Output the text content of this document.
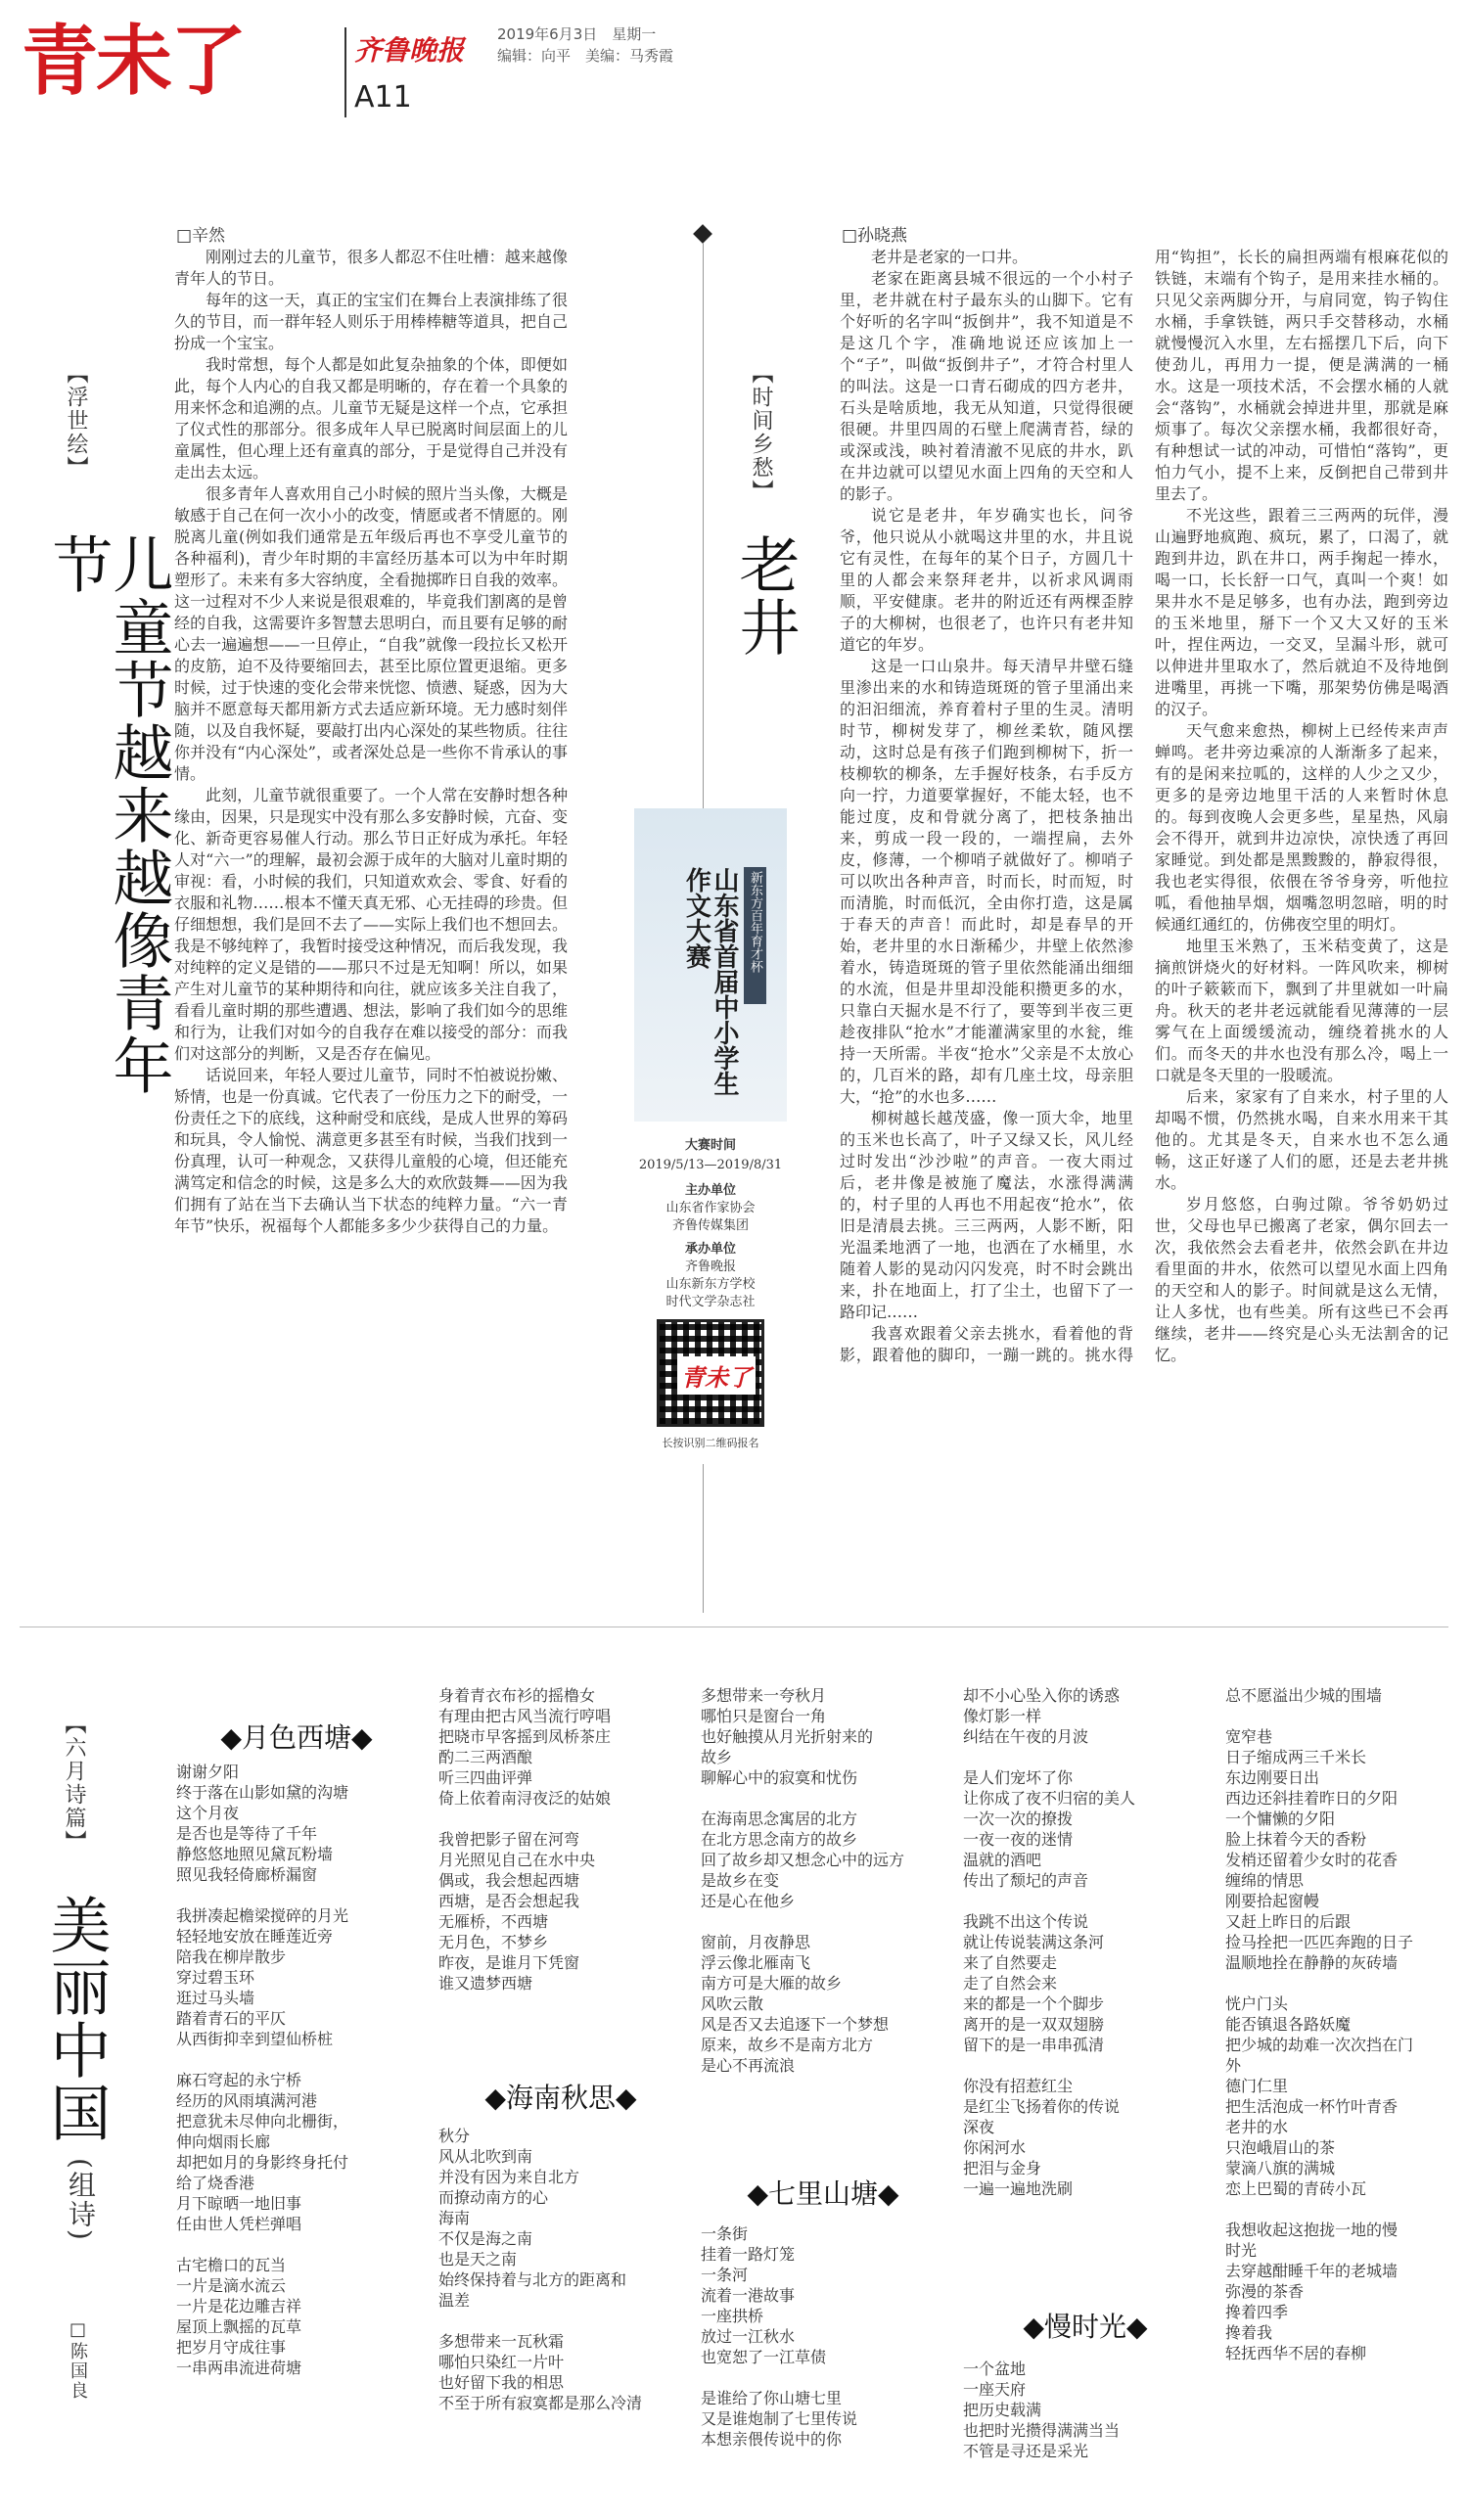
青未了	齐鲁晚报	2019年6月3日　星期一
编辑：向平　美编：马秀霞
A11
【浮世绘】
儿童节越来越像青年节
□辛然

刚刚过去的儿童节，很多人都忍不住吐槽：越来越像青年人的节日。

每年的这一天，真正的宝宝们在舞台上表演排练了很久的节目，而一群年轻人则乐于用棒棒糖等道具，把自己扮成一个宝宝。

我时常想，每个人都是如此复杂抽象的个体，即便如此，每个人内心的自我又都是明晰的，存在着一个具象的用来怀念和追溯的点。儿童节无疑是这样一个点，它承担了仪式性的那部分。很多成年人早已脱离时间层面上的儿童属性，但心理上还有童真的部分，于是觉得自己并没有走出去太远。

很多青年人喜欢用自己小时候的照片当头像，大概是敏感于自己在何一次小小的改变，情愿或者不情愿的。刚脱离儿童(例如我们通常是五年级后再也不享受儿童节的各种福利)，青少年时期的丰富经历基本可以为中年时期塑形了。未来有多大容纳度，全看抛掷昨日自我的效率。这一过程对不少人来说是很艰难的，毕竟我们割离的是曾经的自我，这需要许多智慧去思明白，而且要有足够的耐心去一遍遍想——一旦停止，“自我”就像一段拉长又松开的皮筋，迫不及待要缩回去，甚至比原位置更退缩。更多时候，过于快速的变化会带来恍惚、愤懑、疑惑，因为大脑并不愿意每天都用新方式去适应新环境。无力感时刻伴随，以及自我怀疑，要敲打出内心深处的某些物质。往往你并没有“内心深处”，或者深处总是一些你不肯承认的事情。

此刻，儿童节就很重要了。一个人常在安静时想各种缘由，因果，只是现实中没有那么多安静时候，亢奋、变化、新奇更容易催人行动。那么节日正好成为承托。年轻人对“六一”的理解，最初会源于成年的大脑对儿童时期的审视：看，小时候的我们，只知道欢欢会、零食、好看的衣服和礼物……根本不懂天真无邪、心无挂碍的珍贵。但仔细想想，我们是回不去了——实际上我们也不想回去。我是不够纯粹了，我暂时接受这种情况，而后我发现，我对纯粹的定义是错的——那只不过是无知啊！所以，如果产生对儿童节的某种期待和向往，就应该多关注自我了，看看儿童时期的那些遭遇、想法，影响了我们如今的思维和行为，让我们对如今的自我存在难以接受的部分：而我们对这部分的判断，又是否存在偏见。

话说回来，年轻人要过儿童节，同时不怕被说扮嫩、矫情，也是一份真诚。它代表了一份压力之下的耐受，一份责任之下的底线，这种耐受和底线，是成人世界的筹码和玩具，令人愉悦、满意更多甚至有时候，当我们找到一份真理，认可一种观念，又获得儿童般的心境，但还能充满笃定和信念的时候，这是多么大的欢欣鼓舞——因为我们拥有了站在当下去确认当下状态的纯粹力量。“六一青年节”快乐，祝福每个人都能多多少少获得自己的力量。

【时间乡愁】
老井
□孙晓燕

老井是老家的一口井。

老家在距离县城不很远的一个小村子里，老井就在村子最东头的山脚下。它有个好听的名字叫“扳倒井”，我不知道是不是这几个字，准确地说还应该加上一个“子”，叫做“扳倒井子”，才符合村里人的叫法。这是一口青石砌成的四方老井，石头是啥质地，我无从知道，只觉得很硬很硬。井里四周的石壁上爬满青苔，绿的或深或浅，映衬着清澈不见底的井水，趴在井边就可以望见水面上四角的天空和人的影子。

说它是老井，年岁确实也长，问爷爷，他只说从小就喝这井里的水，井且说它有灵性，在每年的某个日子，方圆几十里的人都会来祭拜老井，以祈求风调雨顺，平安健康。老井的附近还有两棵歪脖子的大柳树，也很老了，也许只有老井知道它的年岁。

这是一口山泉井。每天清早井壁石缝里渗出来的水和铸造斑斑的管子里涌出来的汩汩细流，养育着村子里的生灵。清明时节，柳树发芽了，柳丝柔软，随风摆动，这时总是有孩子们跑到柳树下，折一枝柳软的柳条，左手握好枝条，右手反方向一拧，力道要掌握好，不能太轻，也不能过度，皮和骨就分离了，把枝条抽出来，剪成一段一段的，一端捏扁，去外皮，修薄，一个柳哨子就做好了。柳哨子可以吹出各种声音，时而长，时而短，时而清脆，时而低沉，全由你打造，这是属于春天的声音！而此时，却是春旱的开始，老井里的水日渐稀少，井壁上依然渗着水，铸造斑斑的管子里依然能涌出细细的水流，但是井里却没能积攒更多的水，只靠白天掘水是不行了，要等到半夜三更趁夜排队“抢水”才能灌满家里的水瓮，维持一天所需。半夜“抢水”父亲是不太放心的，几百米的路，却有几座土坟，母亲胆大，“抢”的水也多……

柳树越长越茂盛，像一顶大伞，地里的玉米也长高了，叶子又绿又长，风儿经过时发出“沙沙啦”的声音。一夜大雨过后，老井像是被施了魔法，水涨得满满的，村子里的人再也不用起夜“抢水”，依旧是清晨去挑。三三两两，人影不断，阳光温柔地洒了一地，也洒在了水桶里，水随着人影的晃动闪闪发亮，时不时会跳出来，扑在地面上，打了尘土，也留下了一路印记……

我喜欢跟着父亲去挑水，看着他的背影，跟着他的脚印，一蹦一跳的。挑水得用“钩担”，长长的扁担两端有根麻花似的铁链，末端有个钩子，是用来挂水桶的。只见父亲两脚分开，与肩同宽，钩子钩住水桶，手拿铁链，两只手交替移动，水桶就慢慢沉入水里，左右摇摆几下后，向下使劲儿，再用力一提，便是满满的一桶水。这是一项技术活，不会摆水桶的人就会“落钩”，水桶就会掉进井里，那就是麻烦事了。每次父亲摆水桶，我都很好奇，有种想试一试的冲动，可惜怕“落钩”，更怕力气小，提不上来，反倒把自己带到井里去了。

不光这些，跟着三三两两的玩伴，漫山遍野地疯跑、疯玩，累了，口渴了，就跑到井边，趴在井口，两手掬起一捧水，喝一口，长长舒一口气，真叫一个爽！如果井水不是足够多，也有办法，跑到旁边的玉米地里，掰下一个又大又好的玉米叶，捏住两边，一交叉，呈漏斗形，就可以伸进井里取水了，然后就迫不及待地倒进嘴里，再挑一下嘴，那架势仿佛是喝酒的汉子。

天气愈来愈热，柳树上已经传来声声蝉鸣。老井旁边乘凉的人渐渐多了起来，有的是闲来拉呱的，这样的人少之又少，更多的是旁边地里干活的人来暂时休息的。每到夜晚人会更多些，星星热，风扇会不得开，就到井边凉快，凉快透了再回家睡觉。到处都是黑黢黢的，静寂得很，我也老实得很，依偎在爷爷身旁，听他拉呱，看他抽旱烟，烟嘴忽明忽暗，明的时候通红通红的，仿佛夜空里的明灯。

地里玉米熟了，玉米秸变黄了，这是摘煎饼烧火的好材料。一阵风吹来，柳树的叶子簌簌而下，飘到了井里就如一叶扁舟。秋天的老井老远就能看见薄薄的一层雾气在上面缓缓流动，缠绕着挑水的人们。而冬天的井水也没有那么冷，喝上一口就是冬天里的一股暖流。

后来，家家有了自来水，村子里的人却喝不惯，仍然挑水喝，自来水用来干其他的。尤其是冬天，自来水也不怎么通畅，这正好遂了人们的愿，还是去老井挑水。

岁月悠悠，白驹过隙。爷爷奶奶过世，父母也早已搬离了老家，偶尔回去一次，我依然会去看老井，依然会趴在井边看里面的井水，依然可以望见水面上四角的天空和人的影子。时间就是这么无情，让人多忧，也有些美。所有这些已不会再继续，老井——终究是心头无法割舍的记忆。

新东方百年育才杯
山东省首届中小学生作文大赛
大赛时间
2019/5/13—2019/8/31
主办单位
山东省作家协会
齐鲁传媒集团
承办单位
齐鲁晚报
山东新东方学校
时代文学杂志社
青未了
长按识别二维码报名
【六月诗篇】
美丽中国
(组诗)
□陈国良
◆月色西塘◆
谢谢夕阳
终于落在山影如黛的沟塘
这个月夜
是否也是等待了千年
静悠悠地照见黛瓦粉墙
照见我轻倚廊桥漏窗

我拼凑起檐梁搅碎的月光
轻轻地安放在睡莲近旁
陪我在柳岸散步
穿过碧玉环
逛过马头墙
踏着青石的平仄
从西街抑幸到望仙桥桩

麻石穹起的永宁桥
经历的风雨填满河港
把意犹未尽伸向北栅街，
伸向烟雨长廊
却把如月的身影终身托付
给了烧香港
月下晾晒一地旧事
任由世人凭栏弹唱

古宅檐口的瓦当
一片是滴水流云
一片是花边雕吉祥
屋顶上飘摇的瓦草
把岁月守成往事
一串两串流进荷塘
身着青衣布衫的摇橹女
有理由把古风当流行哼唱
把晓市早客摇到凤桥茶庄
酌二三两酒酿
听三四曲评弹
倚上依着南浔夜泛的姑娘

我曾把影子留在河弯
月光照见自己在水中央
偶或，我会想起西塘
西塘，是否会想起我
无雁桥，不西塘
无月色，不梦乡
昨夜，是谁月下凭窗
谁又遗梦西塘
◆海南秋思◆
秋分
风从北吹到南
并没有因为来自北方
而撩动南方的心
海南
不仅是海之南
也是天之南
始终保持着与北方的距离和
温差

多想带来一瓦秋霜
哪怕只染红一片叶
也好留下我的相思
不至于所有寂寞都是那么冷清
多想带来一夸秋月
哪怕只是窗台一角
也好触摸从月光折射来的
故乡
聊解心中的寂寞和忧伤

在海南思念寓居的北方
在北方思念南方的故乡
回了故乡却又想念心中的远方
是故乡在变
还是心在他乡

窗前，月夜静思
浮云像北雁南飞
南方可是大雁的故乡
风吹云散
风是否又去追逐下一个梦想
原来，故乡不是南方北方
是心不再流浪
◆七里山塘◆
一条街
挂着一路灯笼
一条河
流着一港故事
一座拱桥
放过一江秋水
也宽恕了一江草债

是谁给了你山塘七里
又是谁炮制了七里传说
本想亲偎传说中的你
却不小心坠入你的诱惑
像灯影一样
纠结在午夜的月波

是人们宠坏了你
让你成了夜不归宿的美人
一次一次的撩拨
一夜一夜的迷情
温就的酒吧
传出了颓圮的声音

我跳不出这个传说
就让传说装满这条河
来了自然要走
走了自然会来
来的都是一个个脚步
离开的是一双双翅膀
留下的是一串串孤清

你没有招惹红尘
是红尘飞扬着你的传说
深夜
你闲河水
把泪与金身
一遍一遍地洗刷
◆慢时光◆
一个盆地
一座天府
把历史载满
也把时光攒得满满当当
不管是寻还是采光
总不愿溢出少城的围墙

宽窄巷
日子缩成两三千米长
东边刚要日出
西边还斜挂着昨日的夕阳
一个慵懒的夕阳
脸上抹着今天的香粉
发梢还留着少女时的花香
缠绵的情思
刚要拾起窗幔
又赶上昨日的后跟
捡马拴把一匹匹奔跑的日子
温顺地拴在静静的灰砖墙

恍户门头
能否镇退各路妖魔
把少城的劫难一次次挡在门
外
德门仁里
把生活泡成一杯竹叶青香
老井的水
只泡峨眉山的茶
蒙滴八旗的满城
恋上巴蜀的青砖小瓦

我想收起这抱拢一地的慢
时光
去穿越酣睡千年的老城墙
弥漫的茶香
搀着四季
搀着我
轻抚西华不居的春柳
